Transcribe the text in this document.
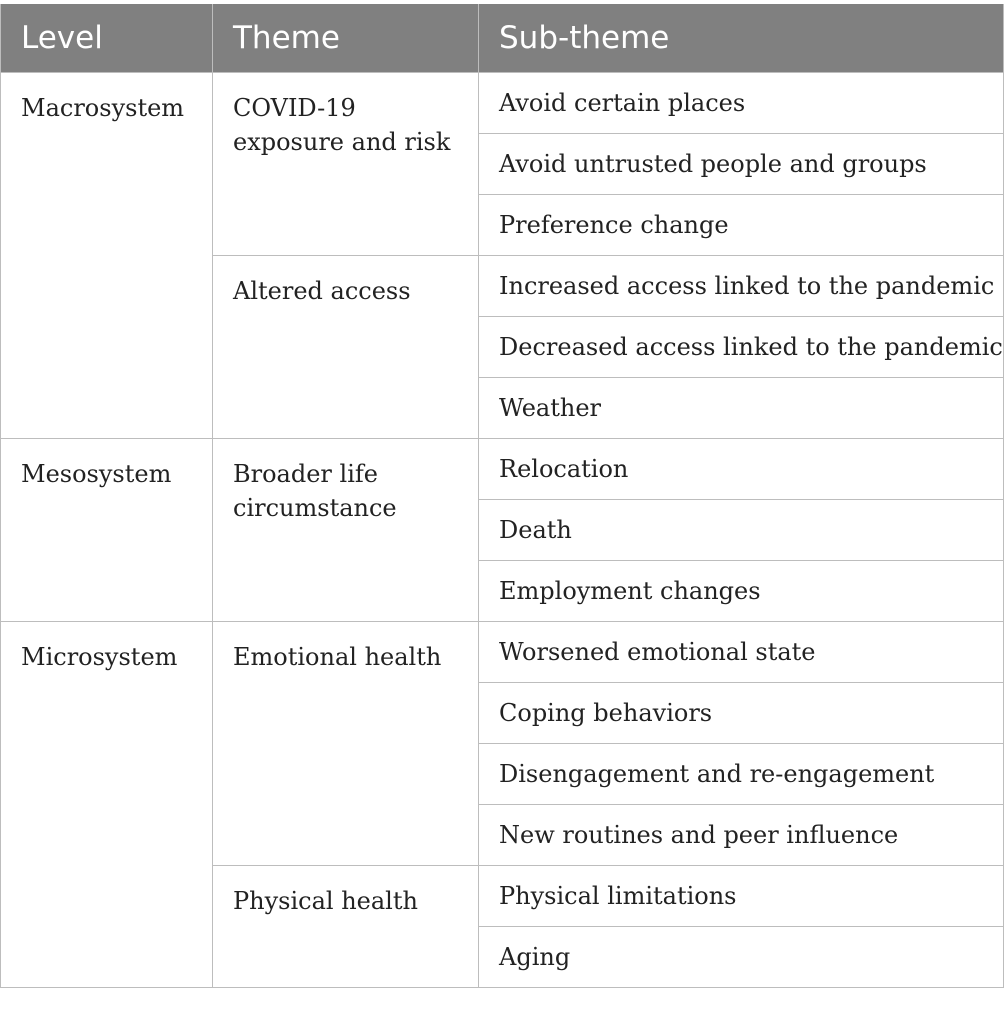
Level	Theme	Sub-theme
Macrosystem	COVID-19 exposure and risk	Avoid certain places
		Avoid untrusted people and groups
		Preference change
	Altered access	Increased access linked to the pandemic
		Decreased access linked to the pandemic
		Weather
Mesosystem	Broader life circumstance	Relocation
		Death
		Employment changes
Microsystem	Emotional health	Worsened emotional state
		Coping behaviors
		Disengagement and re-engagement
		New routines and peer influence
	Physical health	Physical limitations
		Aging
